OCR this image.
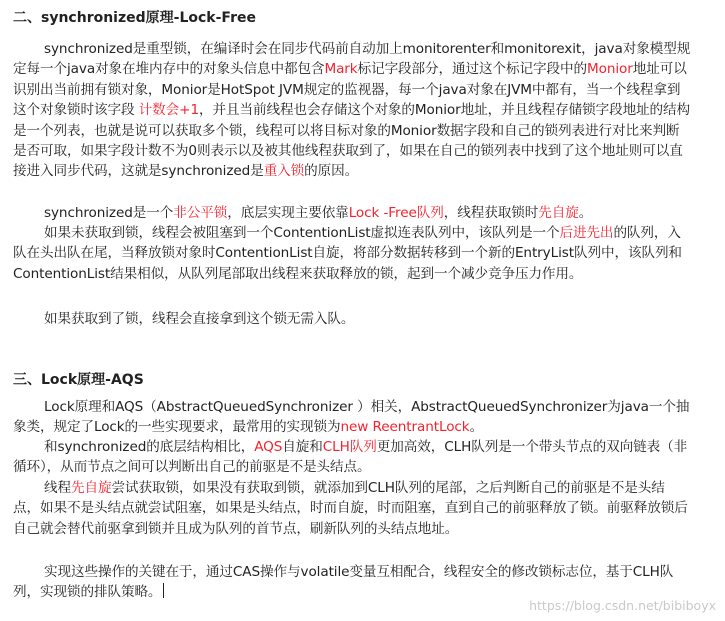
二、synchronized原理-Lock-Free

synchronized是重型锁，在编译时会在同步代码前自动加上monitorenter和monitorexit，java对象模型规定每一个java对象在堆内存中的对象头信息中都包含Mark标记字段部分，通过这个标记字段中的Monior地址可以识别出当前拥有锁对象，Monior是HotSpot JVM规定的监视器，每一个java对象在JVM中都有，当一个线程拿到这个对象锁时该字段 计数会+1，并且当前线程也会存储这个对象的Monior地址，并且线程存储锁字段地址的结构是一个列表，也就是说可以获取多个锁，线程可以将目标对象的Monior数据字段和自己的锁列表进行对比来判断是否可取，如果字段计数不为0则表示以及被其他线程获取到了，如果在自己的锁列表中找到了这个地址则可以直接进入同步代码，这就是synchronized是重入锁的原因。

synchronized是一个非公平锁，底层实现主要依靠Lock -Free队列，线程获取锁时先自旋。

如果未获取到锁，线程会被阻塞到一个ContentionList虚拟连表队列中，该队列是一个后进先出的队列，入队在头出队在尾，当释放锁对象时ContentionList自旋，将部分数据转移到一个新的EntryList队列中，该队列和ContentionList结果相似，从队列尾部取出线程来获取释放的锁，起到一个减少竞争压力作用。

如果获取到了锁，线程会直接拿到这个锁无需入队。

三、Lock原理-AQS

Lock原理和AQS（AbstractQueuedSynchronizer ）相关，AbstractQueuedSynchronizer为java一个抽象类，规定了Lock的一些实现要求，最常用的实现锁为new ReentrantLock。

和synchronized的底层结构相比，AQS自旋和CLH队列更加高效，CLH队列是一个带头节点的双向链表（非循环），从而节点之间可以判断出自己的前驱是不是头结点。

线程先自旋尝试获取锁，如果没有获取到锁，就添加到CLH队列的尾部，之后判断自己的前驱是不是头结点，如果不是头结点就尝试阻塞，如果是头结点，时而自旋，时而阻塞，直到自己的前驱释放了锁。前驱释放锁后自己就会替代前驱拿到锁并且成为队列的首节点，刷新队列的头结点地址。

实现这些操作的关键在于，通过CAS操作与volatile变量互相配合，线程安全的修改锁标志位，基于CLH队列，实现锁的排队策略。

https://blog.csdn.net/bibiboyx
